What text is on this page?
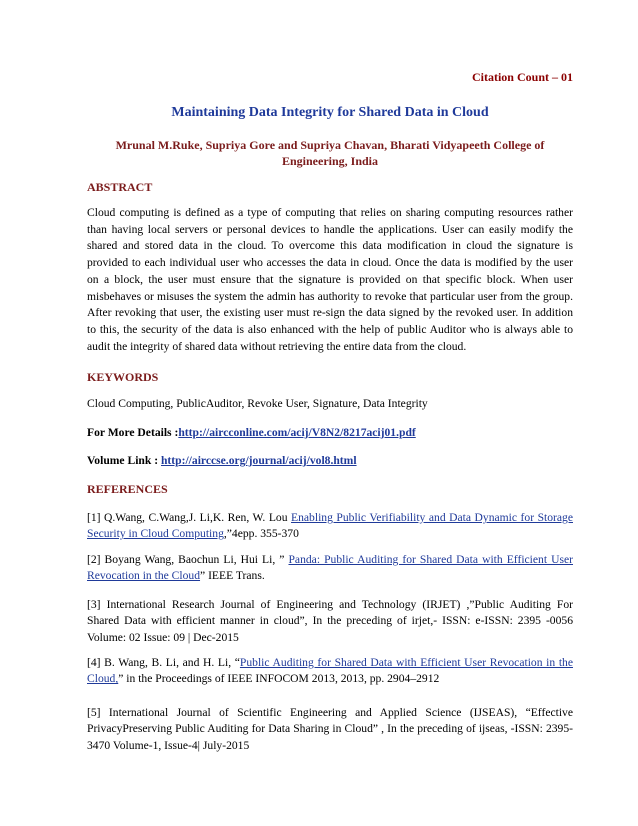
Citation Count – 01
Maintaining Data Integrity for Shared Data in Cloud
Mrunal M.Ruke, Supriya Gore and Supriya Chavan, Bharati Vidyapeeth College of
Engineering, India
ABSTRACT
Cloud computing is defined as a type of computing that relies on sharing computing resources rather than having local servers or personal devices to handle the applications. User can easily modify the shared and stored data in the cloud. To overcome this data modification in cloud the signature is provided to each individual user who accesses the data in cloud. Once the data is modified by the user on a block, the user must ensure that the signature is provided on that specific block. When user misbehaves or misuses the system the admin has authority to revoke that particular user from the group. After revoking that user, the existing user must re-sign the data signed by the revoked user. In addition to this, the security of the data is also enhanced with the help of public Auditor who is always able to audit the integrity of shared data without retrieving the entire data from the cloud.
KEYWORDS
Cloud Computing, PublicAuditor, Revoke User, Signature, Data Integrity
For More Details :http://aircconline.com/acij/V8N2/8217acij01.pdf
Volume Link : http://airccse.org/journal/acij/vol8.html
REFERENCES
[1] Q.Wang, C.Wang,J. Li,K. Ren, W. Lou Enabling Public Verifiability and Data Dynamic for Storage Security in Cloud Computing,”4epp. 355-370
[2] Boyang Wang, Baochun Li, Hui Li, ” Panda: Public Auditing for Shared Data with Efficient User Revocation in the Cloud” IEEE Trans.
[3] International Research Journal of Engineering and Technology (IRJET) ,”Public Auditing For Shared Data with efficient manner in cloud”, In the preceding of irjet,- ISSN: e-ISSN: 2395 -0056 Volume: 02 Issue: 09 | Dec-2015
[4] B. Wang, B. Li, and H. Li, “Public Auditing for Shared Data with Efficient User Revocation in the Cloud,” in the Proceedings of IEEE INFOCOM 2013, 2013, pp. 2904–2912
[5] International Journal of Scientific Engineering and Applied Science (IJSEAS), “Effective PrivacyPreserving Public Auditing for Data Sharing in Cloud” , In the preceding of ijseas, -ISSN: 2395-3470 Volume-1, Issue-4| July-2015
